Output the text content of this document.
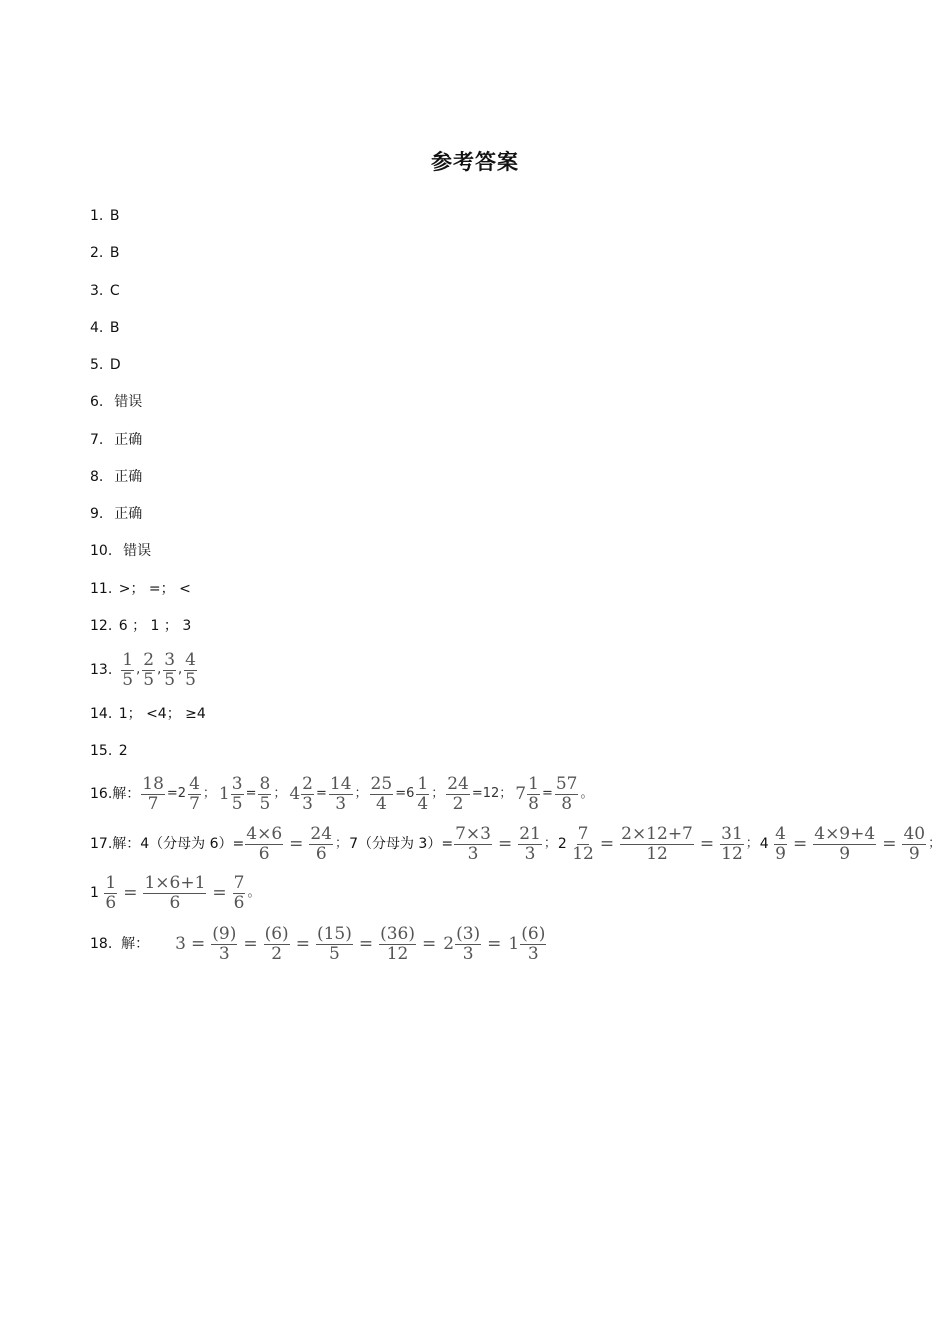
参考答案
1.
B
2.
B
3.
C
4.
B
5.
D
6.
错误
7.
正确
8.
正确
9.
正确
10.
错误
11.
>； =； <
12.
6 ； 1 ； 3
13. $\frac{1}{5}$ , $\frac{2}{5}$ , $\frac{3}{5}$ , $\frac{4}{5}$
14.
1； <4； ≥4
15.
2
16.解： $\frac{18}{7} =2 \frac{4}{7}$ ； $1 \frac{3}{5} = \frac{8}{5}$ ； $4 \frac{2}{3} = \frac{14}{3}$ ； $\frac{25}{4} =6 \frac{1}{4}$ ； $\frac{24}{2} =12$； $7 \frac{1}{8} = \frac{57}{8}$ 。
17.解： 4（分母为 $6)= \frac{4\times 6}{6} = \frac{24}{6}$ ； 7（分母为 $3)= \frac{7\times 3}{3} = \frac{21}{3}$ ； 2
$\frac{7}{12} = \frac{2\times 12+7}{12} = \frac{31}{12}$ ； 4
$\frac{4}{9} = \frac{4\times 9+4}{9} = \frac{40}{9}$ ；
1
$\frac{1}{6} = \frac{1\times 6+1}{6} = \frac{7}{6}$ 。
18.
解： $3 = \frac{(9)}{3} = \frac{(6)}{2} = \frac{(15)}{5} = \frac{(36)}{12} = 2 \frac{(3)}{3} = 1 \frac{(6)}{3}$
